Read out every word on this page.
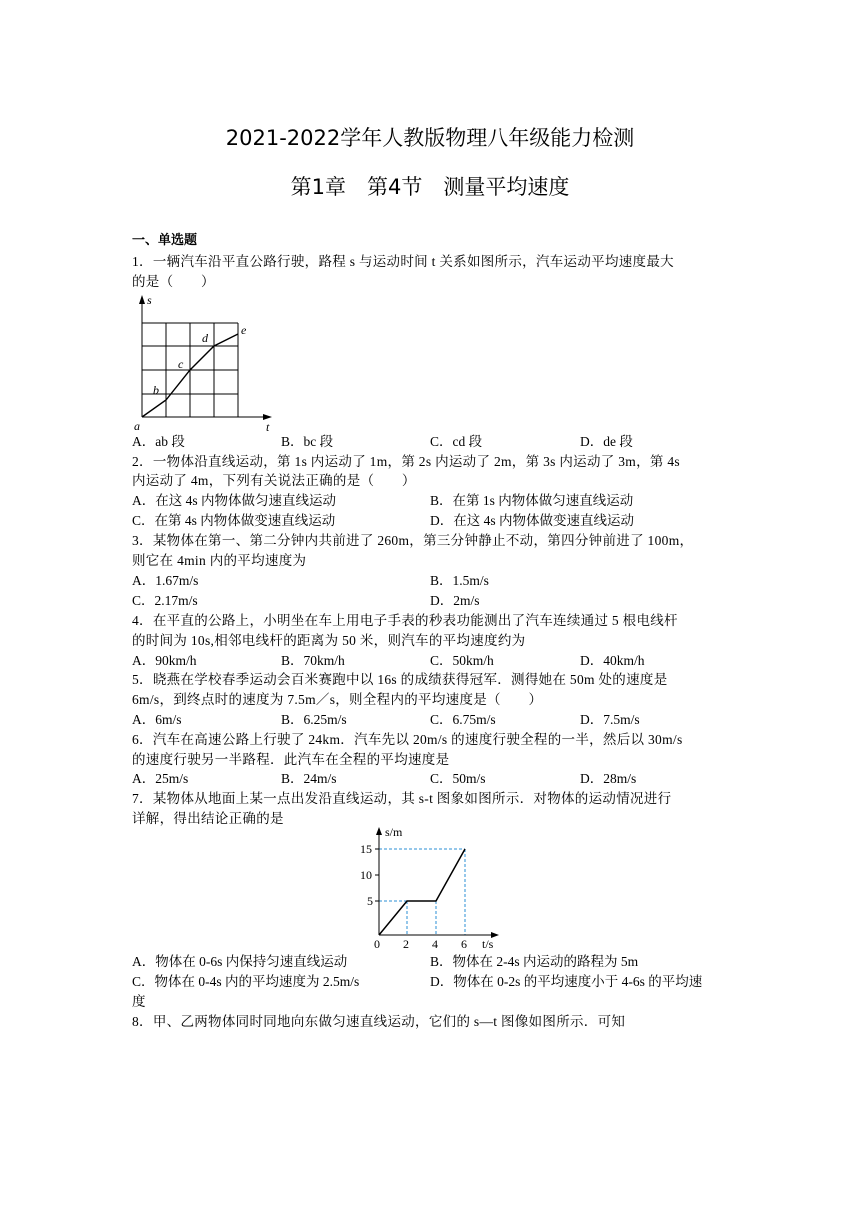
2021-2022学年人教版物理八年级能力检测
第1章　第4节　测量平均速度
一、单选题
1．一辆汽车沿平直公路行驶，路程 s 与运动时间 t 关系如图所示，汽车运动平均速度最大
的是（　　）
s
t
a
b
c
d
e
A．ab 段	B．bc 段	C．cd 段	D．de 段
2．一物体沿直线运动，第 1s 内运动了 1m，第 2s 内运动了 2m，第 3s 内运动了 3m，第 4s
内运动了 4m，下列有关说法正确的是（　　）
A．在这 4s 内物体做匀速直线运动	B．在第 1s 内物体做匀速直线运动
C．在第 4s 内物体做变速直线运动	D．在这 4s 内物体做变速直线运动
3．某物体在第一、第二分钟内共前进了 260m，第三分钟静止不动，第四分钟前进了 100m，
则它在 4min 内的平均速度为
A．1.67m/s	B．1.5m/s
C．2.17m/s	D．2m/s
4．在平直的公路上，小明坐在车上用电子手表的秒表功能测出了汽车连续通过 5 根电线杆
的时间为 10s,相邻电线杆的距离为 50 米，则汽车的平均速度约为
A．90km/h	B．70km/h	C．50km/h	D．40km/h
5．晓燕在学校春季运动会百米赛跑中以 16s 的成绩获得冠军．测得她在 50m 处的速度是
6m/s，到终点时的速度为 7.5m／s，则全程内的平均速度是（　　）
A．6m/s	B．6.25m/s	C．6.75m/s	D．7.5m/s
6．汽车在高速公路上行驶了 24km．汽车先以 20m/s 的速度行驶全程的一半，然后以 30m/s
的速度行驶另一半路程．此汽车在全程的平均速度是
A．25m/s	B．24m/s	C．50m/s	D．28m/s
7．某物体从地面上某一点出发沿直线运动，其 s-t 图象如图所示．对物体的运动情况进行
详解，得出结论正确的是
s/m
t/s
15
10
5
0 2 4 6
A．物体在 0-6s 内保持匀速直线运动	B．物体在 2-4s 内运动的路程为 5m
C．物体在 0-4s 内的平均速度为 2.5m/s	D．物体在 0-2s 的平均速度小于 4-6s 的平均速
度
8．甲、乙两物体同时同地向东做匀速直线运动，它们的 s—t 图像如图所示．可知
